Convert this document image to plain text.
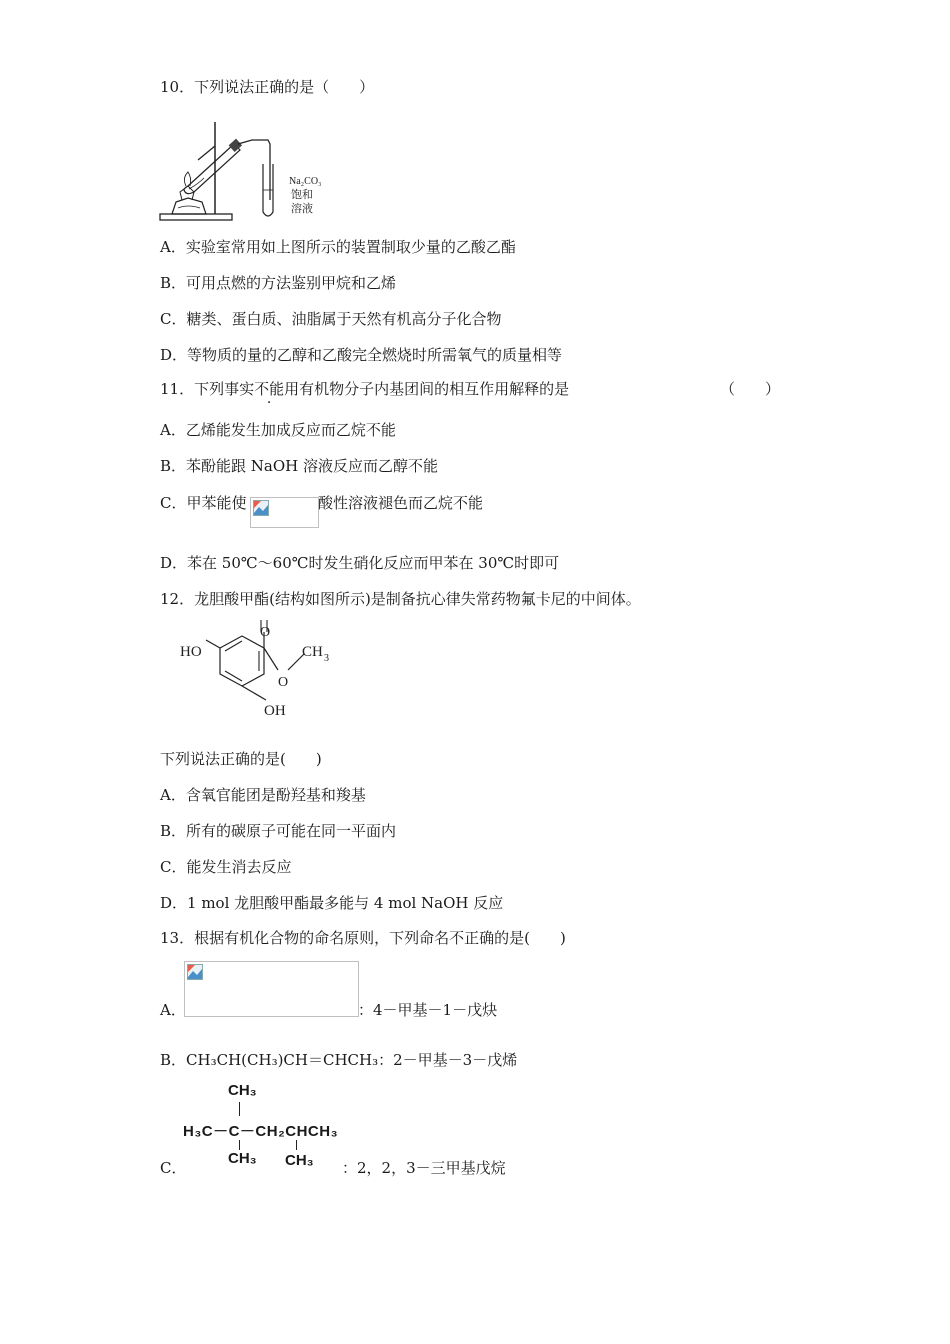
10．下列说法正确的是（　　）
Na₂CO₃
饱和
溶液
A．实验室常用如上图所示的装置制取少量的乙酸乙酯
B．可用点燃的方法鉴别甲烷和乙烯
C．糖类、蛋白质、油脂属于天然有机高分子化合物
D．等物质的量的乙醇和乙酸完全燃烧时所需氧气的质量相等
11．下列事实不能用有机物分子内基团间的相互作用解释的是	（　　）
A．乙烯能发生加成反应而乙烷不能
B．苯酚能跟 NaOH 溶液反应而乙醇不能
C．甲苯能使	酸性溶液褪色而乙烷不能
D．苯在 50℃～60℃时发生硝化反应而甲苯在 30℃时即可
12．龙胆酸甲酯(结构如图所示)是制备抗心律失常药物氟卡尼的中间体。
HO
O
O
CH 3
OH
下列说法正确的是(　　)
A．含氧官能团是酚羟基和羧基
B．所有的碳原子可能在同一平面内
C．能发生消去反应
D．1 mol 龙胆酸甲酯最多能与 4 mol NaOH 反应
13．根据有机化合物的命名原则，下列命名不正确的是(　　)
A．	：4－甲基－1－戊炔
B．CH₃CH(CH₃)CH＝CHCH₃：2－甲基－3－戊烯
CH₃
H₃C－C－CH₂CHCH₃
CH₃ CH₃
C．	：2，2，3－三甲基戊烷
